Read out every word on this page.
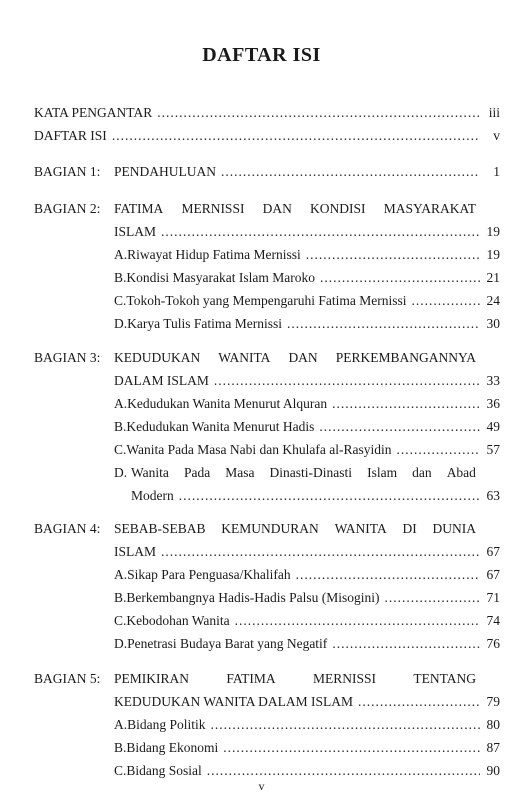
DAFTAR ISI
KATA PENGANTAR .....	iii
DAFTAR ISI .....	v
BAGIAN 1: PENDAHULUAN .....	1
BAGIAN 2: FATIMA MERNISSI DAN KONDISI MASYARAKAT
ISLAM .....	19
A. Riwayat Hidup Fatima Mernissi .....	19
B. Kondisi Masyarakat Islam Maroko .....	21
C. Tokoh-Tokoh yang Mempengaruhi Fatima Mernissi .....	24
D. Karya Tulis Fatima Mernissi .....	30
BAGIAN 3: KEDUDUKAN WANITA DAN PERKEMBANGANNYA
DALAM ISLAM .....	33
A. Kedudukan Wanita Menurut Alquran .....	36
B. Kedudukan Wanita Menurut Hadis .....	49
C. Wanita Pada Masa Nabi dan Khulafa al-Rasyidin .....	57
D. Wanita Pada Masa Dinasti-Dinasti Islam dan Abad
Modern .....	63
BAGIAN 4: SEBAB-SEBAB KEMUNDURAN WANITA DI DUNIA
ISLAM .....	67
A. Sikap Para Penguasa/Khalifah .....	67
B. Berkembangnya Hadis-Hadis Palsu (Misogini) .....	71
C. Kebodohan Wanita .....	74
D. Penetrasi Budaya Barat yang Negatif .....	76
BAGIAN 5: PEMIKIRAN	FATIMA	MERNISSI	TENTANG
KEDUDUKAN WANITA DALAM ISLAM .....	79
A. Bidang Politik .....	80
B. Bidang Ekonomi .....	87
C. Bidang Sosial .....	90
v
